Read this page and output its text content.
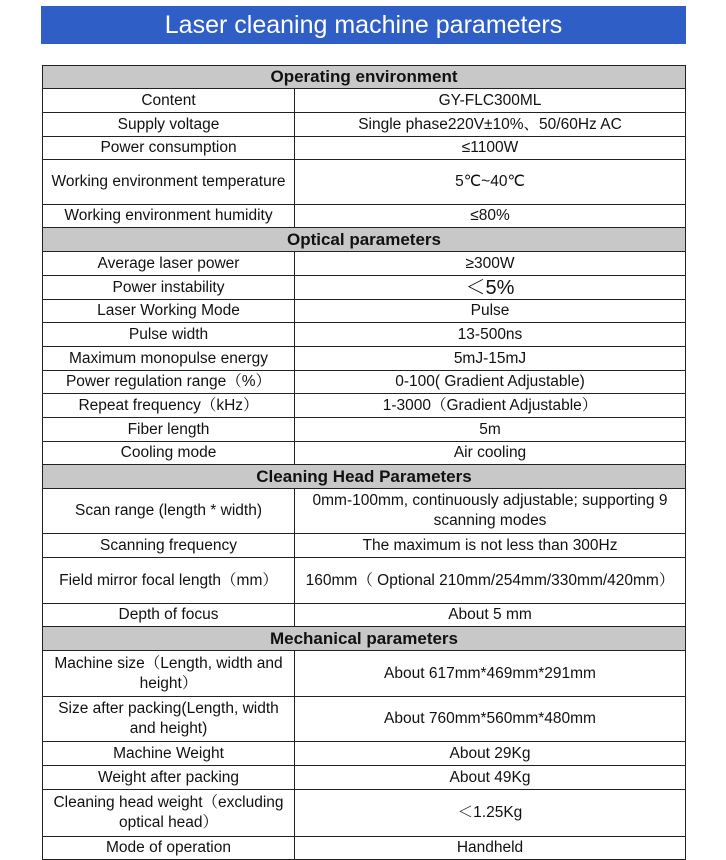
Laser cleaning machine parameters
Operating environment	
Content	GY-FLC300ML
Supply voltage	Single phase220V±10%、50/60Hz AC
Power consumption	≤1100W
Working environment temperature	5℃~40℃
Working environment humidity	≤80%
Optical parameters	
Average laser power	≥300W
Power instability	＜5%
Laser Working Mode	Pulse
Pulse width	13-500ns
Maximum monopulse energy	5mJ-15mJ
Power regulation range（%）	0-100( Gradient Adjustable)
Repeat frequency（kHz）	1-3000（Gradient Adjustable）
Fiber length	5m
Cooling mode	Air cooling
Cleaning Head Parameters	
Scan range (length * width)	0mm-100mm, continuously adjustable; supporting 9 scanning modes
Scanning frequency	The maximum is not less than 300Hz
Field mirror focal length（mm）	160mm（ Optional 210mm/254mm/330mm/420mm）
Depth of focus	About 5 mm
Mechanical parameters	
Machine size（Length, width and height）	About 617mm*469mm*291mm
Size after packing(Length, width and height)	About 760mm*560mm*480mm
Machine Weight	About 29Kg
Weight after packing	About 49Kg
Cleaning head weight（excluding optical head）	＜1.25Kg
Mode of operation	Handheld
